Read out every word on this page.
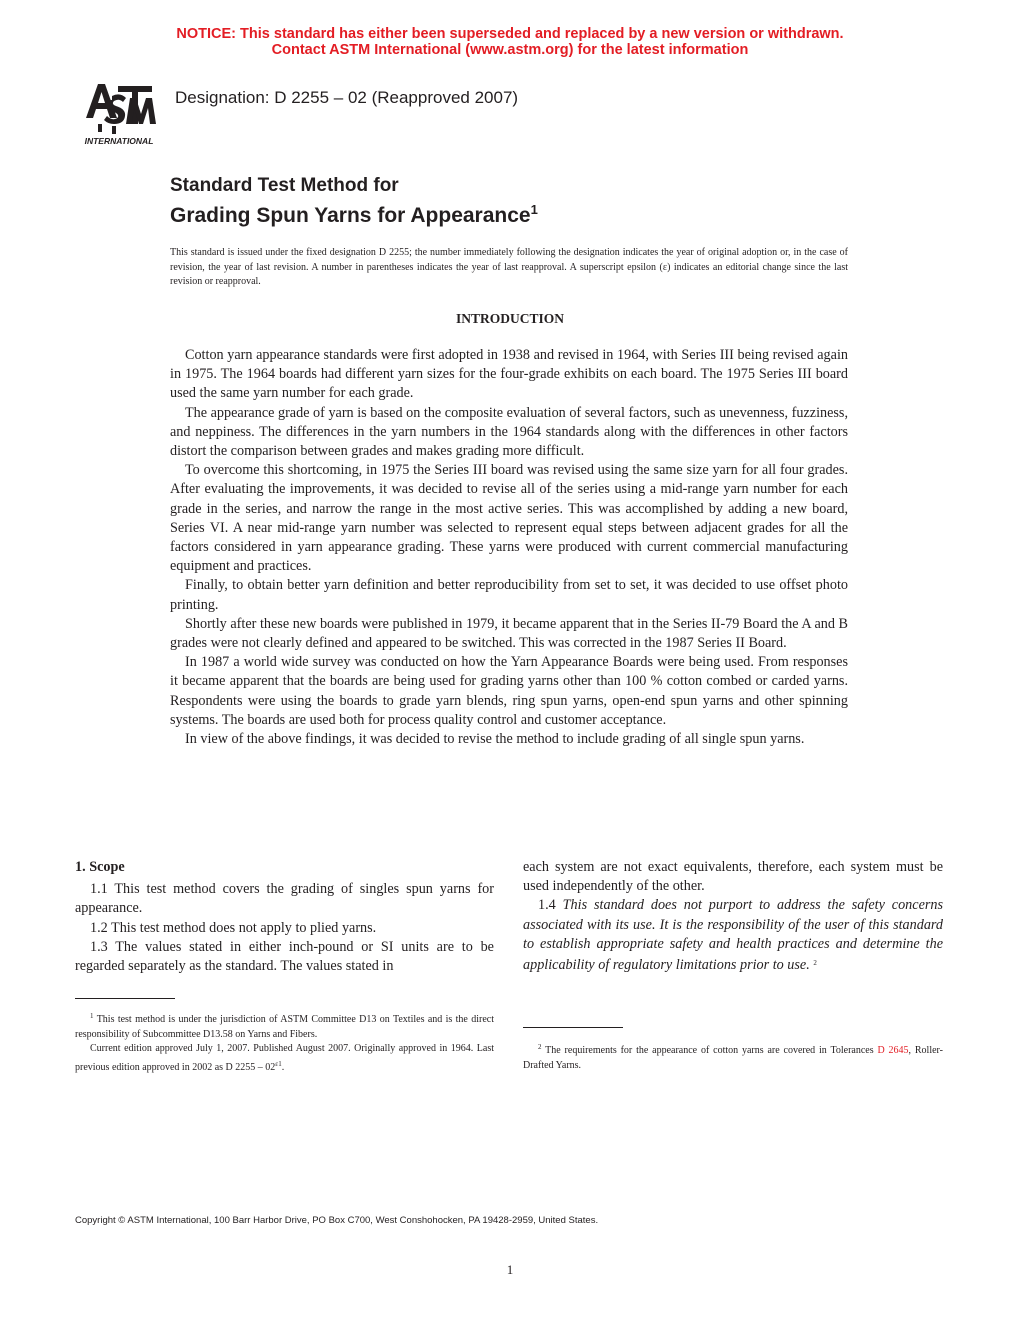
NOTICE: This standard has either been superseded and replaced by a new version or withdrawn.
Contact ASTM International (www.astm.org) for the latest information
INTERNATIONAL
Designation: D 2255 – 02 (Reapproved 2007)
Standard Test Method for
Grading Spun Yarns for Appearance$^1$
This standard is issued under the fixed designation D 2255; the number immediately following the designation indicates the year of original adoption or, in the case of revision, the year of last revision. A number in parentheses indicates the year of last reapproval. A superscript epsilon (ε) indicates an editorial change since the last revision or reapproval.
INTRODUCTION

Cotton yarn appearance standards were first adopted in 1938 and revised in 1964, with Series III being revised again in 1975. The 1964 boards had different yarn sizes for the four-grade exhibits on each board. The 1975 Series III board used the same yarn number for each grade.

The appearance grade of yarn is based on the composite evaluation of several factors, such as unevenness, fuzziness, and neppiness. The differences in the yarn numbers in the 1964 standards along with the differences in other factors distort the comparison between grades and makes grading more difficult.

To overcome this shortcoming, in 1975 the Series III board was revised using the same size yarn for all four grades. After evaluating the improvements, it was decided to revise all of the series using a mid-range yarn number for each grade in the series, and narrow the range in the most active series. This was accomplished by adding a new board, Series VI. A near mid-range yarn number was selected to represent equal steps between adjacent grades for all the factors considered in yarn appearance grading. These yarns were produced with current commercial manufacturing equipment and practices.

Finally, to obtain better yarn definition and better reproducibility from set to set, it was decided to use offset photo printing.

Shortly after these new boards were published in 1979, it became apparent that in the Series II-79 Board the A and B grades were not clearly defined and appeared to be switched. This was corrected in the 1987 Series II Board.

In 1987 a world wide survey was conducted on how the Yarn Appearance Boards were being used. From responses it became apparent that the boards are being used for grading yarns other than 100 % cotton combed or carded yarns. Respondents were using the boards to grade yarn blends, ring spun yarns, open-end spun yarns and other spinning systems. The boards are used both for process quality control and customer acceptance.

In view of the above findings, it was decided to revise the method to include grading of all single spun yarns.

1. Scope

1.1 This test method covers the grading of singles spun yarns for appearance.

1.2 This test method does not apply to plied yarns.

1.3 The values stated in either inch-pound or SI units are to be regarded separately as the standard. The values stated in

each system are not exact equivalents, therefore, each system must be used independently of the other.

1.4 This standard does not purport to address the safety concerns associated with its use. It is the responsibility of the user of this standard to establish appropriate safety and health practices and determine the applicability of regulatory limitations prior to use. $^2$

$^1$ This test method is under the jurisdiction of ASTM Committee D13 on Textiles and is the direct responsibility of Subcommittee D13.58 on Yarns and Fibers.

Current edition approved July 1, 2007. Published August 2007. Originally approved in 1964. Last previous edition approved in 2002 as D $2255 - 02^{\varepsilon 1}$.

$^2$ The requirements for the appearance of cotton yarns are covered in Tolerances D 2645, Roller-Drafted Yarns.

Copyright © ASTM International, 100 Barr Harbor Drive, PO Box C700, West Conshohocken, PA 19428-2959, United States.
1
